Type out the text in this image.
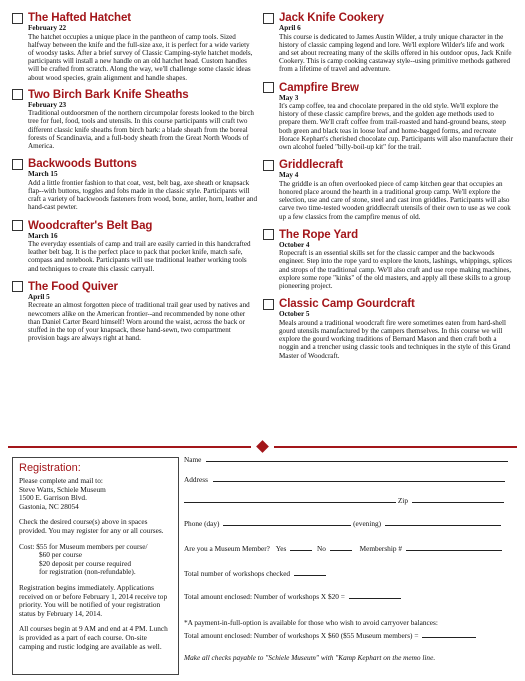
The Hafted Hatchet
February 22
The hatchet occupies a unique place in the pantheon of camp tools. Sized halfway between the knife and the full-size axe, it is perfect for a wide variety of woodsy tasks. After a brief survey of Classic Camping-style hatchet models, participants will install a new handle on an old hatchet head. Custom handles will be crafted from scratch. Along the way, we'll challenge some classic ideas about wood species, grain alignment and handle shapes.
Two Birch Bark Knife Sheaths
February 23
Traditional outdoorsmen of the northern circumpolar forests looked to the birch tree for fuel, food, tools and utensils. In this course participants will craft two different classic knife sheaths from birch bark: a blade sheath from the boreal forests of Scandinavia, and a full-body sheath from the Great North Woods of America.
Backwoods Buttons
March 15
Add a little frontier fashion to that coat, vest, belt bag, axe sheath or knapsack flap--with buttons, toggles and fobs made in the classic style. Participants will craft a variety of backwoods fasteners from wood, bone, antler, horn, leather and hand-cast pewter.
Woodcrafter's Belt Bag
March 16
The everyday essentials of camp and trail are easily carried in this handcrafted leather belt bag. It is the perfect place to pack that pocket knife, match safe, compass and notebook. Participants will use traditional leather working tools and techniques to create this classic carryall.
The Food Quiver
April 5
Recreate an almost forgotten piece of traditional trail gear used by natives and newcomers alike on the American frontier--and recommended by none other than Daniel Carter Beard himself! Worn around the waist, across the back or stuffed in the top of your knapsack, these hand-sewn, two compartment provision bags are always right at hand.
Jack Knife Cookery
April 6
This course is dedicated to James Austin Wilder, a truly unique character in the history of classic camping legend and lore. We'll explore Wilder's life and work and set about recreating many of the skills offered in his outdoor opus, Jack Knife Cookery. This is camp cooking castaway style--using primitive methods gathered from a lifetime of travel and adventure.
Campfire Brew
May 3
It's camp coffee, tea and chocolate prepared in the old style. We'll explore the history of these classic campfire brews, and the golden age methods used to prepare them. We'll craft coffee from trail-roasted and hand-ground beans, steep both green and black teas in loose leaf and home-bagged forms, and recreate Horace Kephart's cherished chocolate cup. Participants will also manufacture their own alcohol fueled "billy-boil-up kit" for the trail.
Griddlecraft
May 4
The griddle is an often overlooked piece of camp kitchen gear that occupies an honored place around the hearth in a traditional group camp. We'll explore the selection, use and care of stone, steel and cast iron griddles. Participants will also carve two time-tested wooden griddlecraft utensils of their own to use as we cook up a few classics from the campfire menus of old.
The Rope Yard
October 4
Ropecraft is an essential skills set for the classic camper and the backwoods engineer. Step into the rope yard to explore the knots, lashings, whippings, splices and strops of the traditional camp. We'll also craft and use rope making machines, explore some rope "kinks" of the old masters, and apply all these skills to a group pioneering project.
Classic Camp Gourdcraft
October 5
Meals around a traditional woodcraft fire were sometimes eaten from hard-shell gourd utensils manufactured by the campers themselves. In this course we will explore the gourd working traditions of Bernard Mason and then craft both a noggin and a trencher using classic tools and techniques in the style of this Grand Master of Woodcraft.
Registration:
Please complete and mail to:
Steve Watts, Schiele Museum
1500 E. Garrison Blvd.
Gastonia, NC 28054
Check the desired course(s) above in spaces provided. You may register for any or all courses.
Cost: $55 for Museum members per course/
$60 per course
$20 deposit per course required
for registration (non-refundable).
Registration begins immediately. Applications received on or before February 1, 2014 receive top priority. You will be notified of your registration status by February 14, 2014.
All courses begin at 9 AM and end at 4 PM. Lunch is provided as a part of each course. On-site camping and rustic lodging are available as well.
Name
Address
Zip
Phone (day)	(evening)
Are you a Museum Member? Yes	No	Membership #
Total number of workshops checked
Total amount enclosed: Number of workshops X $20 =
*A payment-in-full-option is available for those who wish to avoid carryover balances:
Total amount enclosed: Number of workshops X $60 ($55 Museum members) =
Make all checks payable to "Schiele Museum" with "Kamp Kephart on the memo line.
